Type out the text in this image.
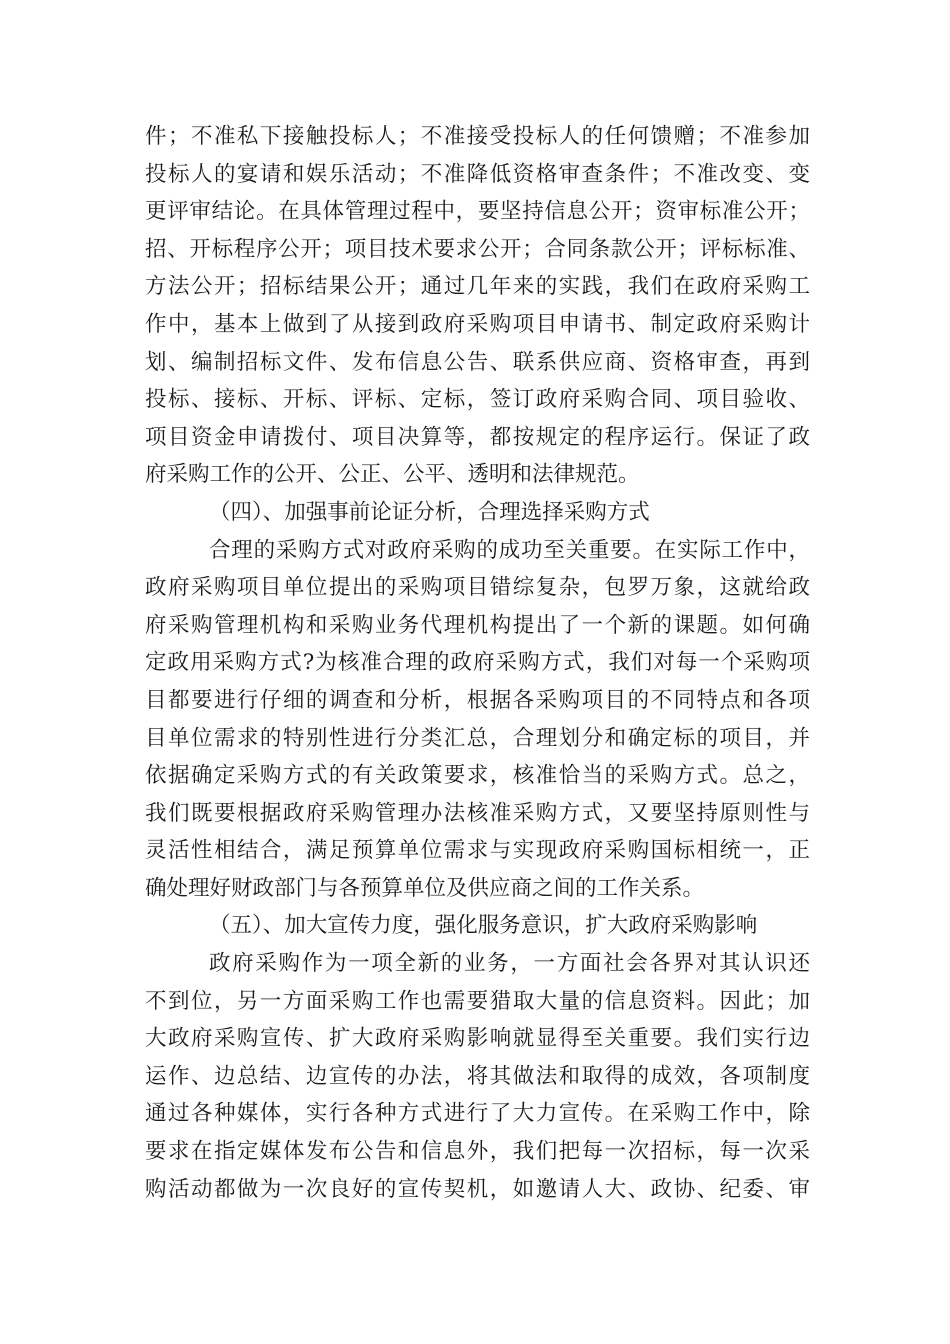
件；不准私下接触投标人；不准接受投标人的任何馈赠；不准参加
投标人的宴请和娱乐活动；不准降低资格审查条件；不准改变、变
更评审结论。在具体管理过程中，要坚持信息公开；资审标准公开；
招、开标程序公开；项目技术要求公开；合同条款公开；评标标准、
方法公开；招标结果公开；通过几年来的实践，我们在政府采购工
作中，基本上做到了从接到政府采购项目申请书、制定政府采购计
划、编制招标文件、发布信息公告、联系供应商、资格审查，再到
投标、接标、开标、评标、定标，签订政府采购合同、项目验收、
项目资金申请拨付、项目决算等，都按规定的程序运行。保证了政
府采购工作的公开、公正、公平、透明和法律规范。
（四）、加强事前论证分析，合理选择采购方式
合理的采购方式对政府采购的成功至关重要。在实际工作中，
政府采购项目单位提出的采购项目错综复杂，包罗万象，这就给政
府采购管理机构和采购业务代理机构提出了一个新的课题。如何确
定政用采购方式?为核准合理的政府采购方式，我们对每一个采购项
目都要进行仔细的调查和分析，根据各采购项目的不同特点和各项
目单位需求的特别性进行分类汇总，合理划分和确定标的项目，并
依据确定采购方式的有关政策要求，核准恰当的采购方式。总之，
我们既要根据政府采购管理办法核准采购方式，又要坚持原则性与
灵活性相结合，满足预算单位需求与实现政府采购国标相统一，正
确处理好财政部门与各预算单位及供应商之间的工作关系。
（五）、加大宣传力度，强化服务意识，扩大政府采购影响
政府采购作为一项全新的业务，一方面社会各界对其认识还
不到位，另一方面采购工作也需要猎取大量的信息资料。因此；加
大政府采购宣传、扩大政府采购影响就显得至关重要。我们实行边
运作、边总结、边宣传的办法，将其做法和取得的成效，各项制度
通过各种媒体，实行各种方式进行了大力宣传。在采购工作中，除
要求在指定媒体发布公告和信息外，我们把每一次招标，每一次采
购活动都做为一次良好的宣传契机，如邀请人大、政协、纪委、审
